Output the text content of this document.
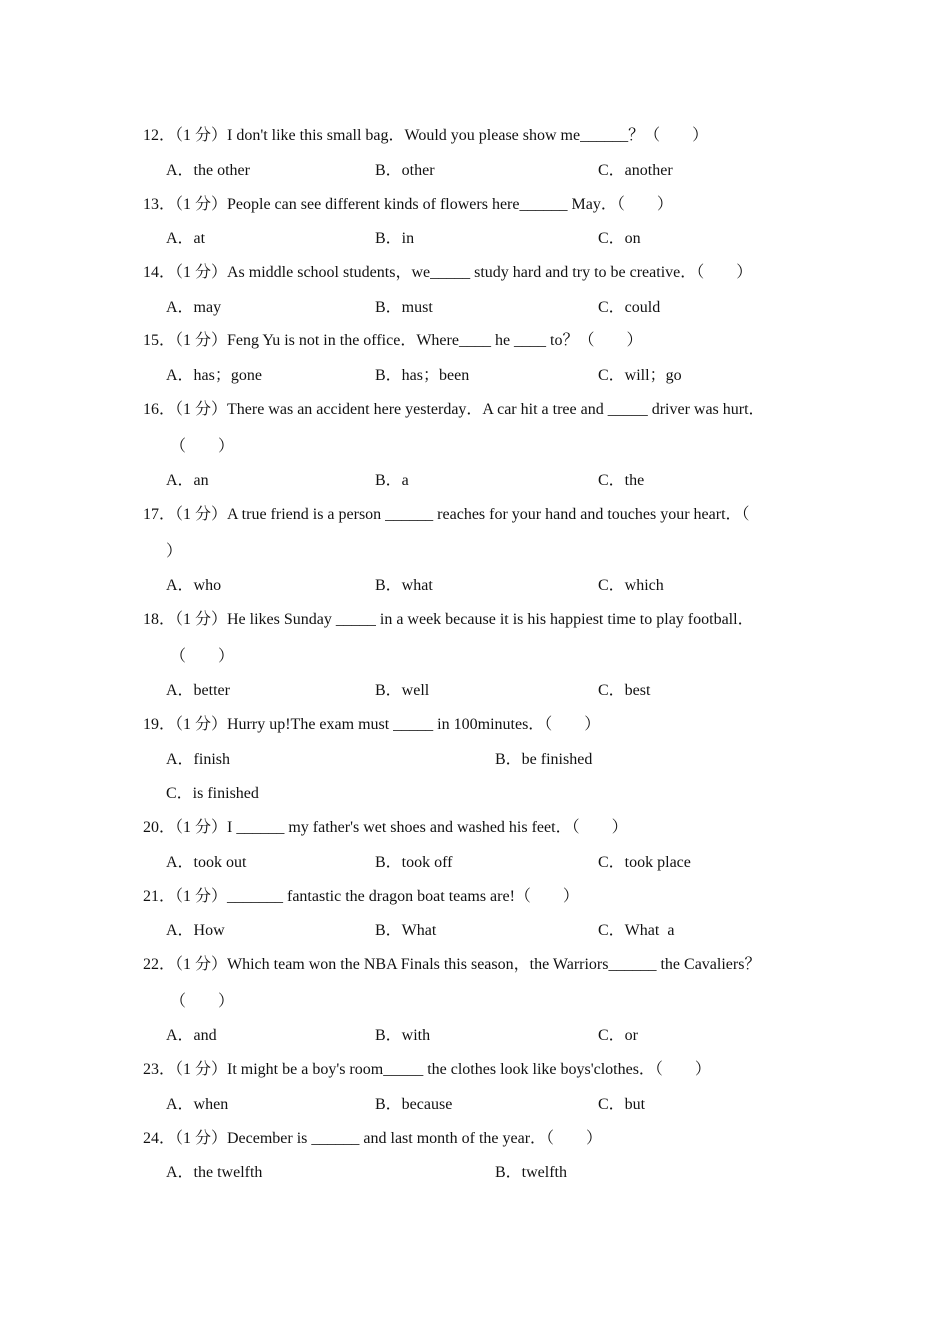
12．（1 分）I don't like this small bag．Would you please show me______？（　　）
A．the other	B．other	C．another
13．（1 分）People can see different kinds of flowers here______ May．（　　）
A．at	B．in	C．on
14．（1 分）As middle school students，we_____ study hard and try to be creative．（　　）
A．may	B．must	C．could
15．（1 分）Feng Yu is not in the office．Where____ he ____ to？（　　）
A．has；gone	B．has；been	C．will；go
16．（1 分）There was an accident here yesterday．A car hit a tree and _____ driver was hurt．
（　　）
A．an	B．a	C．the
17．（1 分）A true friend is a person ______ reaches for your hand and touches your heart．（
）
A．who	B．what	C．which
18．（1 分）He likes Sunday _____ in a week because it is his happiest time to play football．
（　　）
A．better	B．well	C．best
19．（1 分）Hurry up!The exam must _____ in 100minutes．（　　）
A．finish	B．be finished
C．is finished
20．（1 分）I ______ my father's wet shoes and washed his feet．（　　）
A．took out	B．took off	C．took place
21．（1 分）_______ fantastic the dragon boat teams are!（　　）
A．How	B．What	C．What  a
22．（1 分）Which team won the NBA Finals this season，the Warriors______ the Cavaliers？
（　　）
A．and	B．with	C．or
23．（1 分）It might be a boy's room_____ the clothes look like boys'clothes．（　　）
A．when	B．because	C．but
24．（1 分）December is ______ and last month of the year．（　　）
A．the twelfth	B．twelfth
